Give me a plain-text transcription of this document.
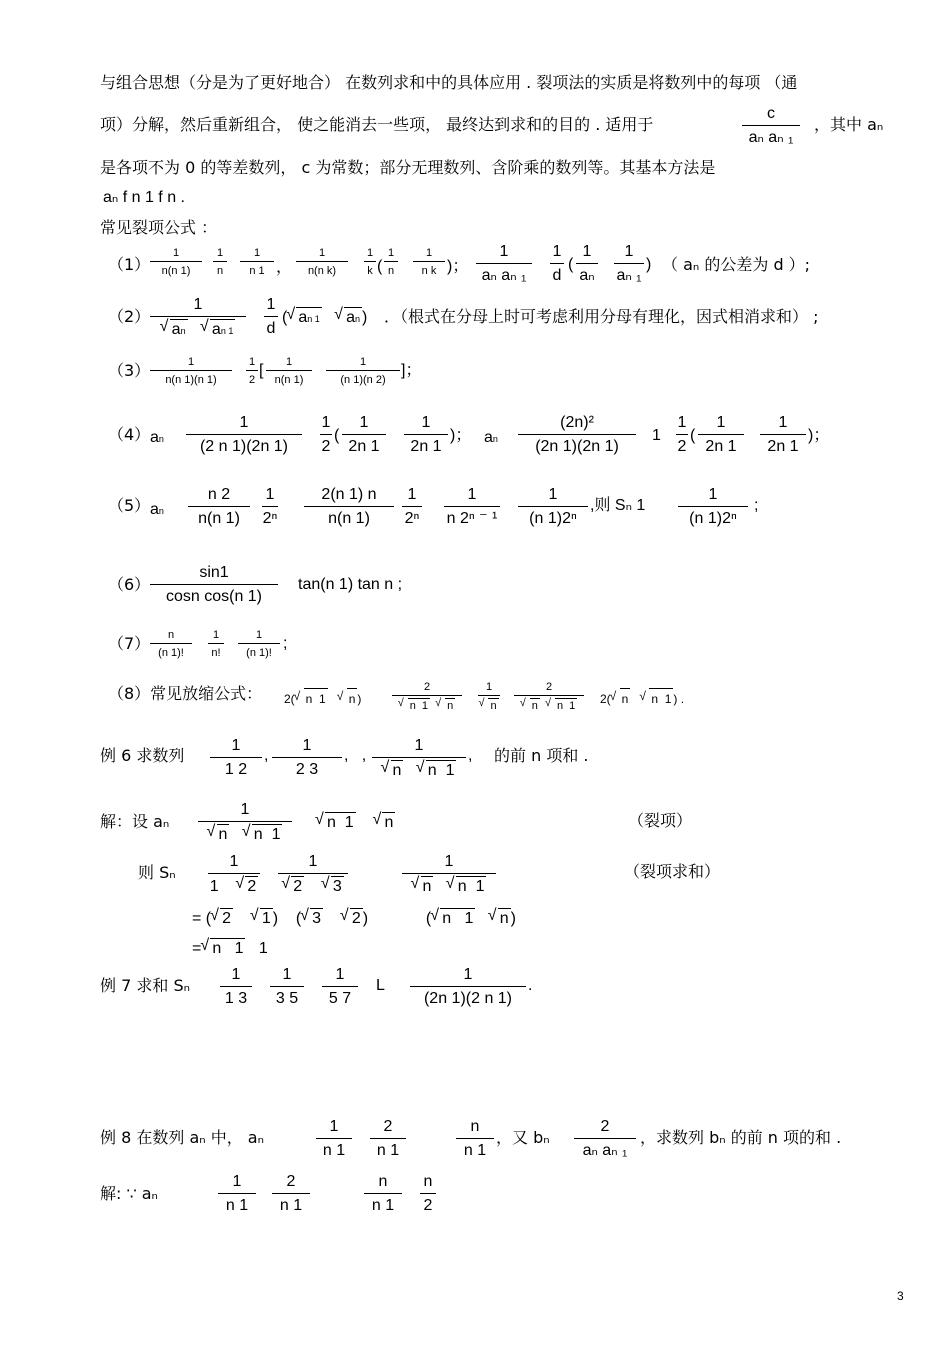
与组合思想（分是为了更好地合） 在数列求和中的具体应用 . 裂项法的实质是将数列中的每项 （通
项）分解，然后重新组合， 使之能消去一些项， 最终达到求和的目的 . 适用于
c
aₙ aₙ ₁
，其中 aₙ
是各项不为 0 的等差数列， c 为常数；部分无理数列、含阶乘的数列等。其基本方法是
aₙ f n 1 f n .
常见裂项公式 ：
（1）
1
n(n 1)
1
n
1
n 1 ，
1
n(n k)
1
k (
1
n
1
n k )；
1
aₙ aₙ ₁
1
d
(
1
aₙ
1
aₙ ₁
) （ aₙ 的公差为 d ）;
（2）
1
√ an √ an 1
1
d
( √ an 1 √ an ) ．（根式在分母上时可考虑利用分母有理化，因式相消求和） ;
（3）	1
n(n 1)(n 1)
1
2
[	1
n(n 1)
1
(n 1)(n 2)
]；
（4） an
1
(2 n 1)(2n 1)
1
2
(
1
2n 1
1
2n 1
)； an
(2n)²
(2n 1)(2n 1)
1
1
2
(
1
2n 1
1
2n 1
)；
（5） an
n 2
n(n 1)
1
2ⁿ
2(n 1) n
n(n 1)
1
2ⁿ
1
n 2ⁿ ⁻ ¹
1
(n 1)2ⁿ
,则 Sₙ 1
1
(n 1)2ⁿ
;
（6）
sin1
cosn cos(n 1)
tan(n 1) tan n ;
（7）	n
(n 1)!
1
n!
1
(n 1)!
;
（8）常见放缩公式： 2( √ n  1 √ n )
2
√ n  1 √ n
1
√ n
2
√ n √ n  1	2( √ n √ n  1 ) .
例 6 求数列
1
1 2
,
1
2 3
,   ,
1
√ n √ n  1
, 的前 n 项和 .
解：设 aₙ
1
√ n √ n  1
√ n  1 √ n	（裂项）
则 Sₙ
1
1    √ 2
1
√ 2 √ 3
1
√ n √ n  1
（裂项求和）
= ( √ 2 √ 1 )    ( √ 3 √ 2 )             ( √ n   1 √ n )
= √ n   1   1
例 7 求和 Sₙ
1
1 3
1
3 5
1
5 7
L
1
(2n 1)(2 n 1)
.
例 8 在数列 aₙ 中， aₙ
1
n 1
2
n 1
n
n 1
，又 bₙ
2
aₙ aₙ ₁
，求数列 bₙ 的前 n 项的和 .
解: ∵ aₙ
1
n 1
2
n 1
n
n 1
n
2
3
